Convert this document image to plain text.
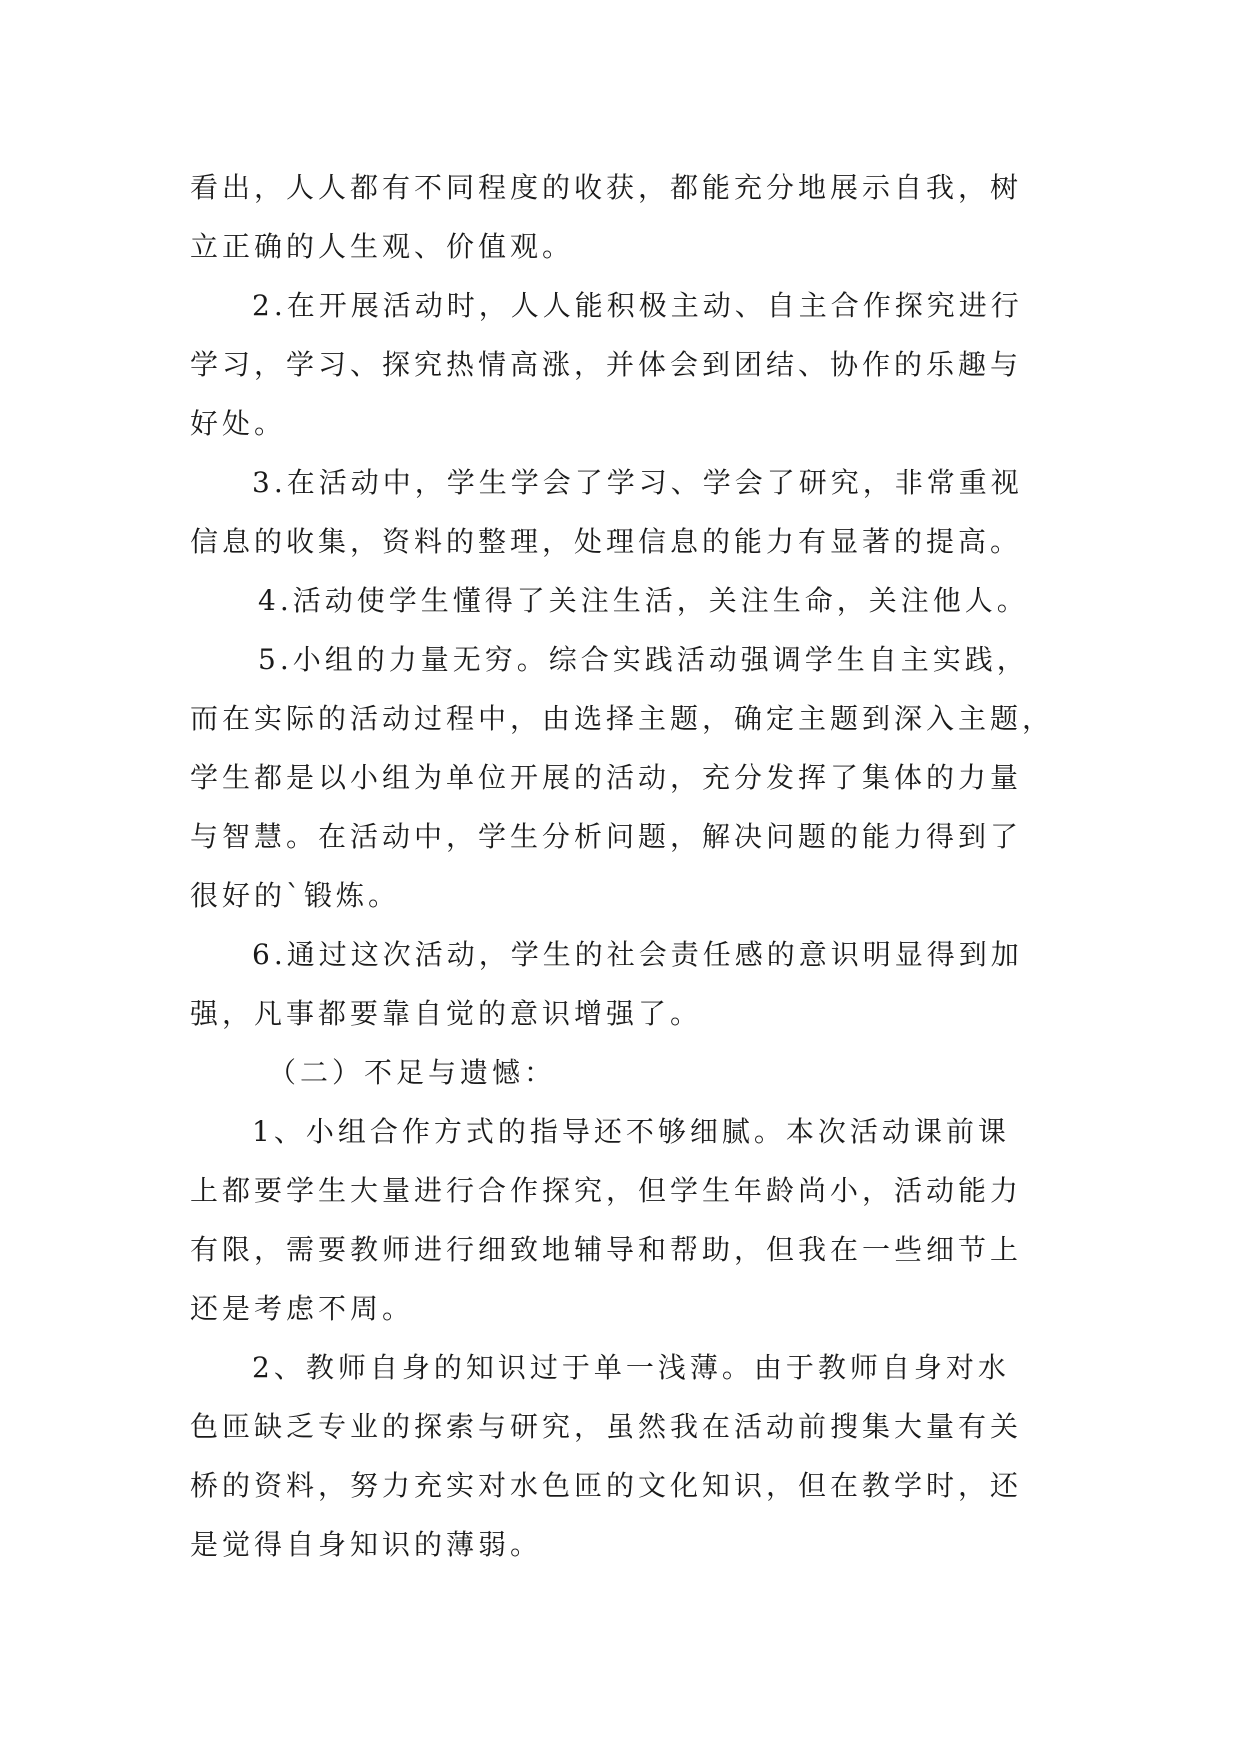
看出，人人都有不同程度的收获，都能充分地展示自我，树
立正确的人生观、价值观。
2.在开展活动时，人人能积极主动、自主合作探究进行
学习，学习、探究热情高涨，并体会到团结、协作的乐趣与
好处。
3.在活动中，学生学会了学习、学会了研究，非常重视
信息的收集，资料的整理，处理信息的能力有显著的提高。
4.活动使学生懂得了关注生活，关注生命，关注他人。
5.小组的力量无穷。综合实践活动强调学生自主实践，
而在实际的活动过程中，由选择主题，确定主题到深入主题，
学生都是以小组为单位开展的活动，充分发挥了集体的力量
与智慧。在活动中，学生分析问题，解决问题的能力得到了
很好的`锻炼。
6.通过这次活动，学生的社会责任感的意识明显得到加
强，凡事都要靠自觉的意识增强了。
（二）不足与遗憾：
1、小组合作方式的指导还不够细腻。本次活动课前课
上都要学生大量进行合作探究，但学生年龄尚小，活动能力
有限，需要教师进行细致地辅导和帮助，但我在一些细节上
还是考虑不周。
2、教师自身的知识过于单一浅薄。由于教师自身对水
色匝缺乏专业的探索与研究，虽然我在活动前搜集大量有关
桥的资料，努力充实对水色匝的文化知识，但在教学时，还
是觉得自身知识的薄弱。
